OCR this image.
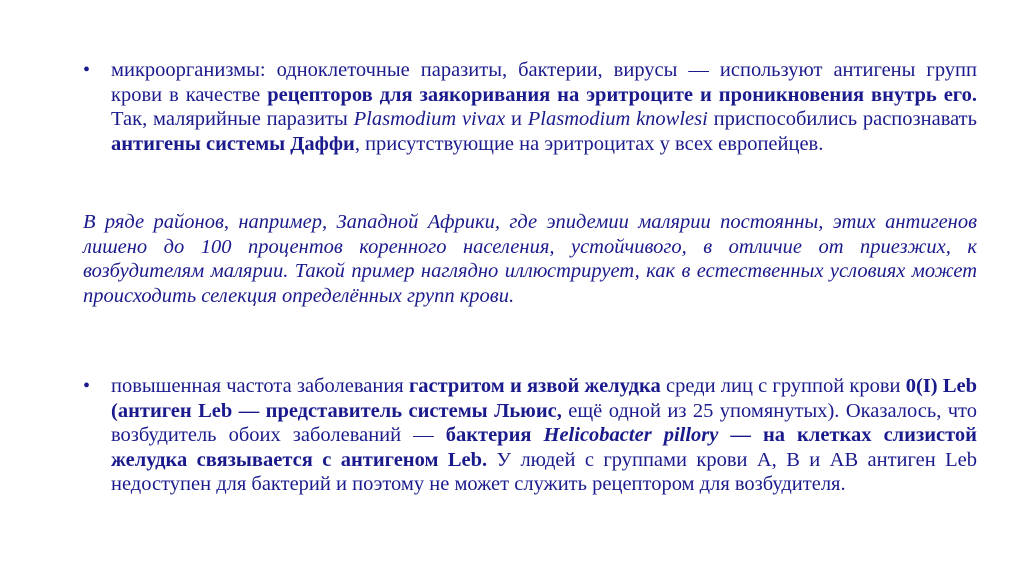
•	микроорганизмы: одноклеточные паразиты, бактерии, вирусы — используют антигены групп крови в качестве рецепторов для заякоривания на эритроците и проникновения внутрь его. Так, малярийные паразиты Plasmodium vivax и Plasmodium knowlesi приспособились распознавать антигены системы Даффи, присутствующие на эритроцитах у всех европейцев.
В ряде районов, например, Западной Африки, где эпидемии малярии постоянны, этих антигенов лишено до 100 процентов коренного населения, устойчивого, в отличие от приезжих, к возбудителям малярии. Такой пример наглядно иллюстрирует, как в естественных условиях может происходить селекция определённых групп крови.
•	повышенная частота заболевания гастритом и язвой желудка среди лиц с группой крови 0(I) Leb (антиген Leb — представитель системы Льюис, ещё одной из 25 упомянутых). Оказалось, что возбудитель обоих заболеваний — бактерия Helicobacter pillory — на клетках слизистой желудка связывается с антигеном Leb. У людей с группами крови А, В и АВ антиген Leb недоступен для бактерий и поэтому не может служить рецептором для возбудителя.
